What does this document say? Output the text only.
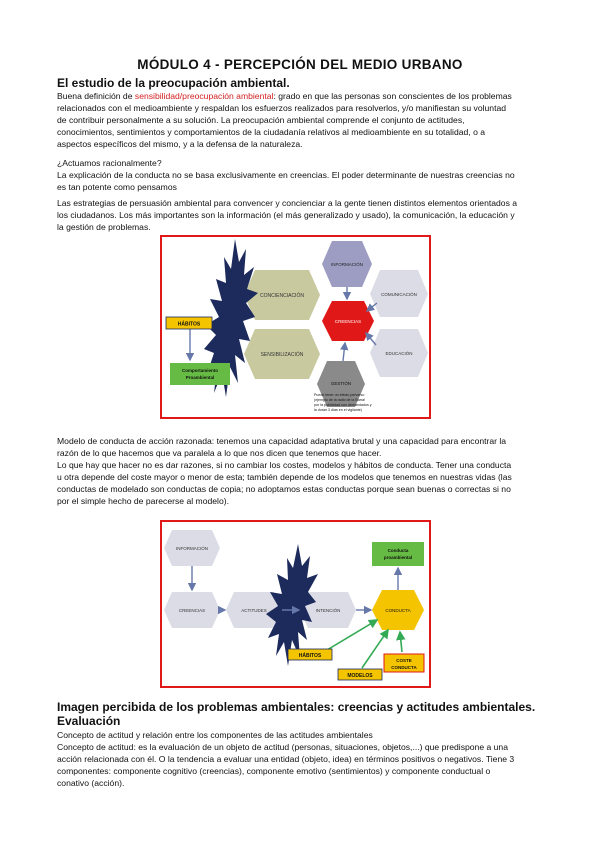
MÓDULO 4 - PERCEPCIÓN DEL MEDIO URBANO
El estudio de la preocupación ambiental.
Buena definición de sensibilidad/preocupación ambiental: grado en que las personas son conscientes de los problemas
relacionados con el medioambiente y respaldan los esfuerzos realizados para resolverlos, y/o manifiestan su voluntad
de contribuir personalmente a su solución. La preocupación ambiental comprende el conjunto de actitudes,
conocimientos, sentimientos y comportamientos de la ciudadanía relativos al medioambiente en su totalidad, o a
aspectos específicos del mismo, y a la defensa de la naturaleza.
¿Actuamos racionalmente?
La explicación de la conducta no se basa exclusivamente en creencias. El poder determinante de nuestras creencias no
es tan potente como pensamos
Las estrategias de persuasión ambiental para convencer y concienciar a la gente tienen distintos elementos orientados a
los ciudadanos. Los más importantes son la información (el más generalizado y usado), la comunicación, la educación y
la gestión de problemas.
CONCIENCIACIÓN
SENSIBILIZACIÓN
INFORMACIÓN
COMUNICACIÓN
CREENCIAS
EDUCACIÓN
GESTIÓN
HÁBITOS
Comportamiento
Proambiental
Puede tener un efecto perverso
(ejemplo de la radio de la Barra!
por la publicidad son demandados y
la duran 3 días en el vigilante)
Modelo de conducta de acción razonada: tenemos una capacidad adaptativa brutal y una capacidad para encontrar la
razón de lo que hacemos que va paralela a lo que nos dicen que tenemos que hacer.
Lo que hay que hacer no es dar razones, si no cambiar los costes, modelos y hábitos de conducta. Tener una conducta
u otra depende del coste mayor o menor de esta; también depende de los modelos que tenemos en nuestras vidas (las
conductas de modelado son conductas de copia; no adoptamos estas conductas porque sean buenas o correctas si no
por el simple hecho de parecerse al modelo).
INFORMACIÓN
CREENCIAS	ACTITUDES	INTENCIÓN	CONDUCTA
Conducta
proambiental
HÁBITOS
MODELOS
COSTE
CONDUCTA
Imagen percibida de los problemas ambientales: creencias y actitudes ambientales.
Evaluación
Concepto de actitud y relación entre los componentes de las actitudes ambientales
Concepto de actitud: es la evaluación de un objeto de actitud (personas, situaciones, objetos,...) que predispone a una
acción relacionada con él. O la tendencia a evaluar una entidad (objeto, idea) en términos positivos o negativos. Tiene 3
componentes: componente cognitivo (creencias), componente emotivo (sentimientos) y componente conductual o
conativo (acción).
